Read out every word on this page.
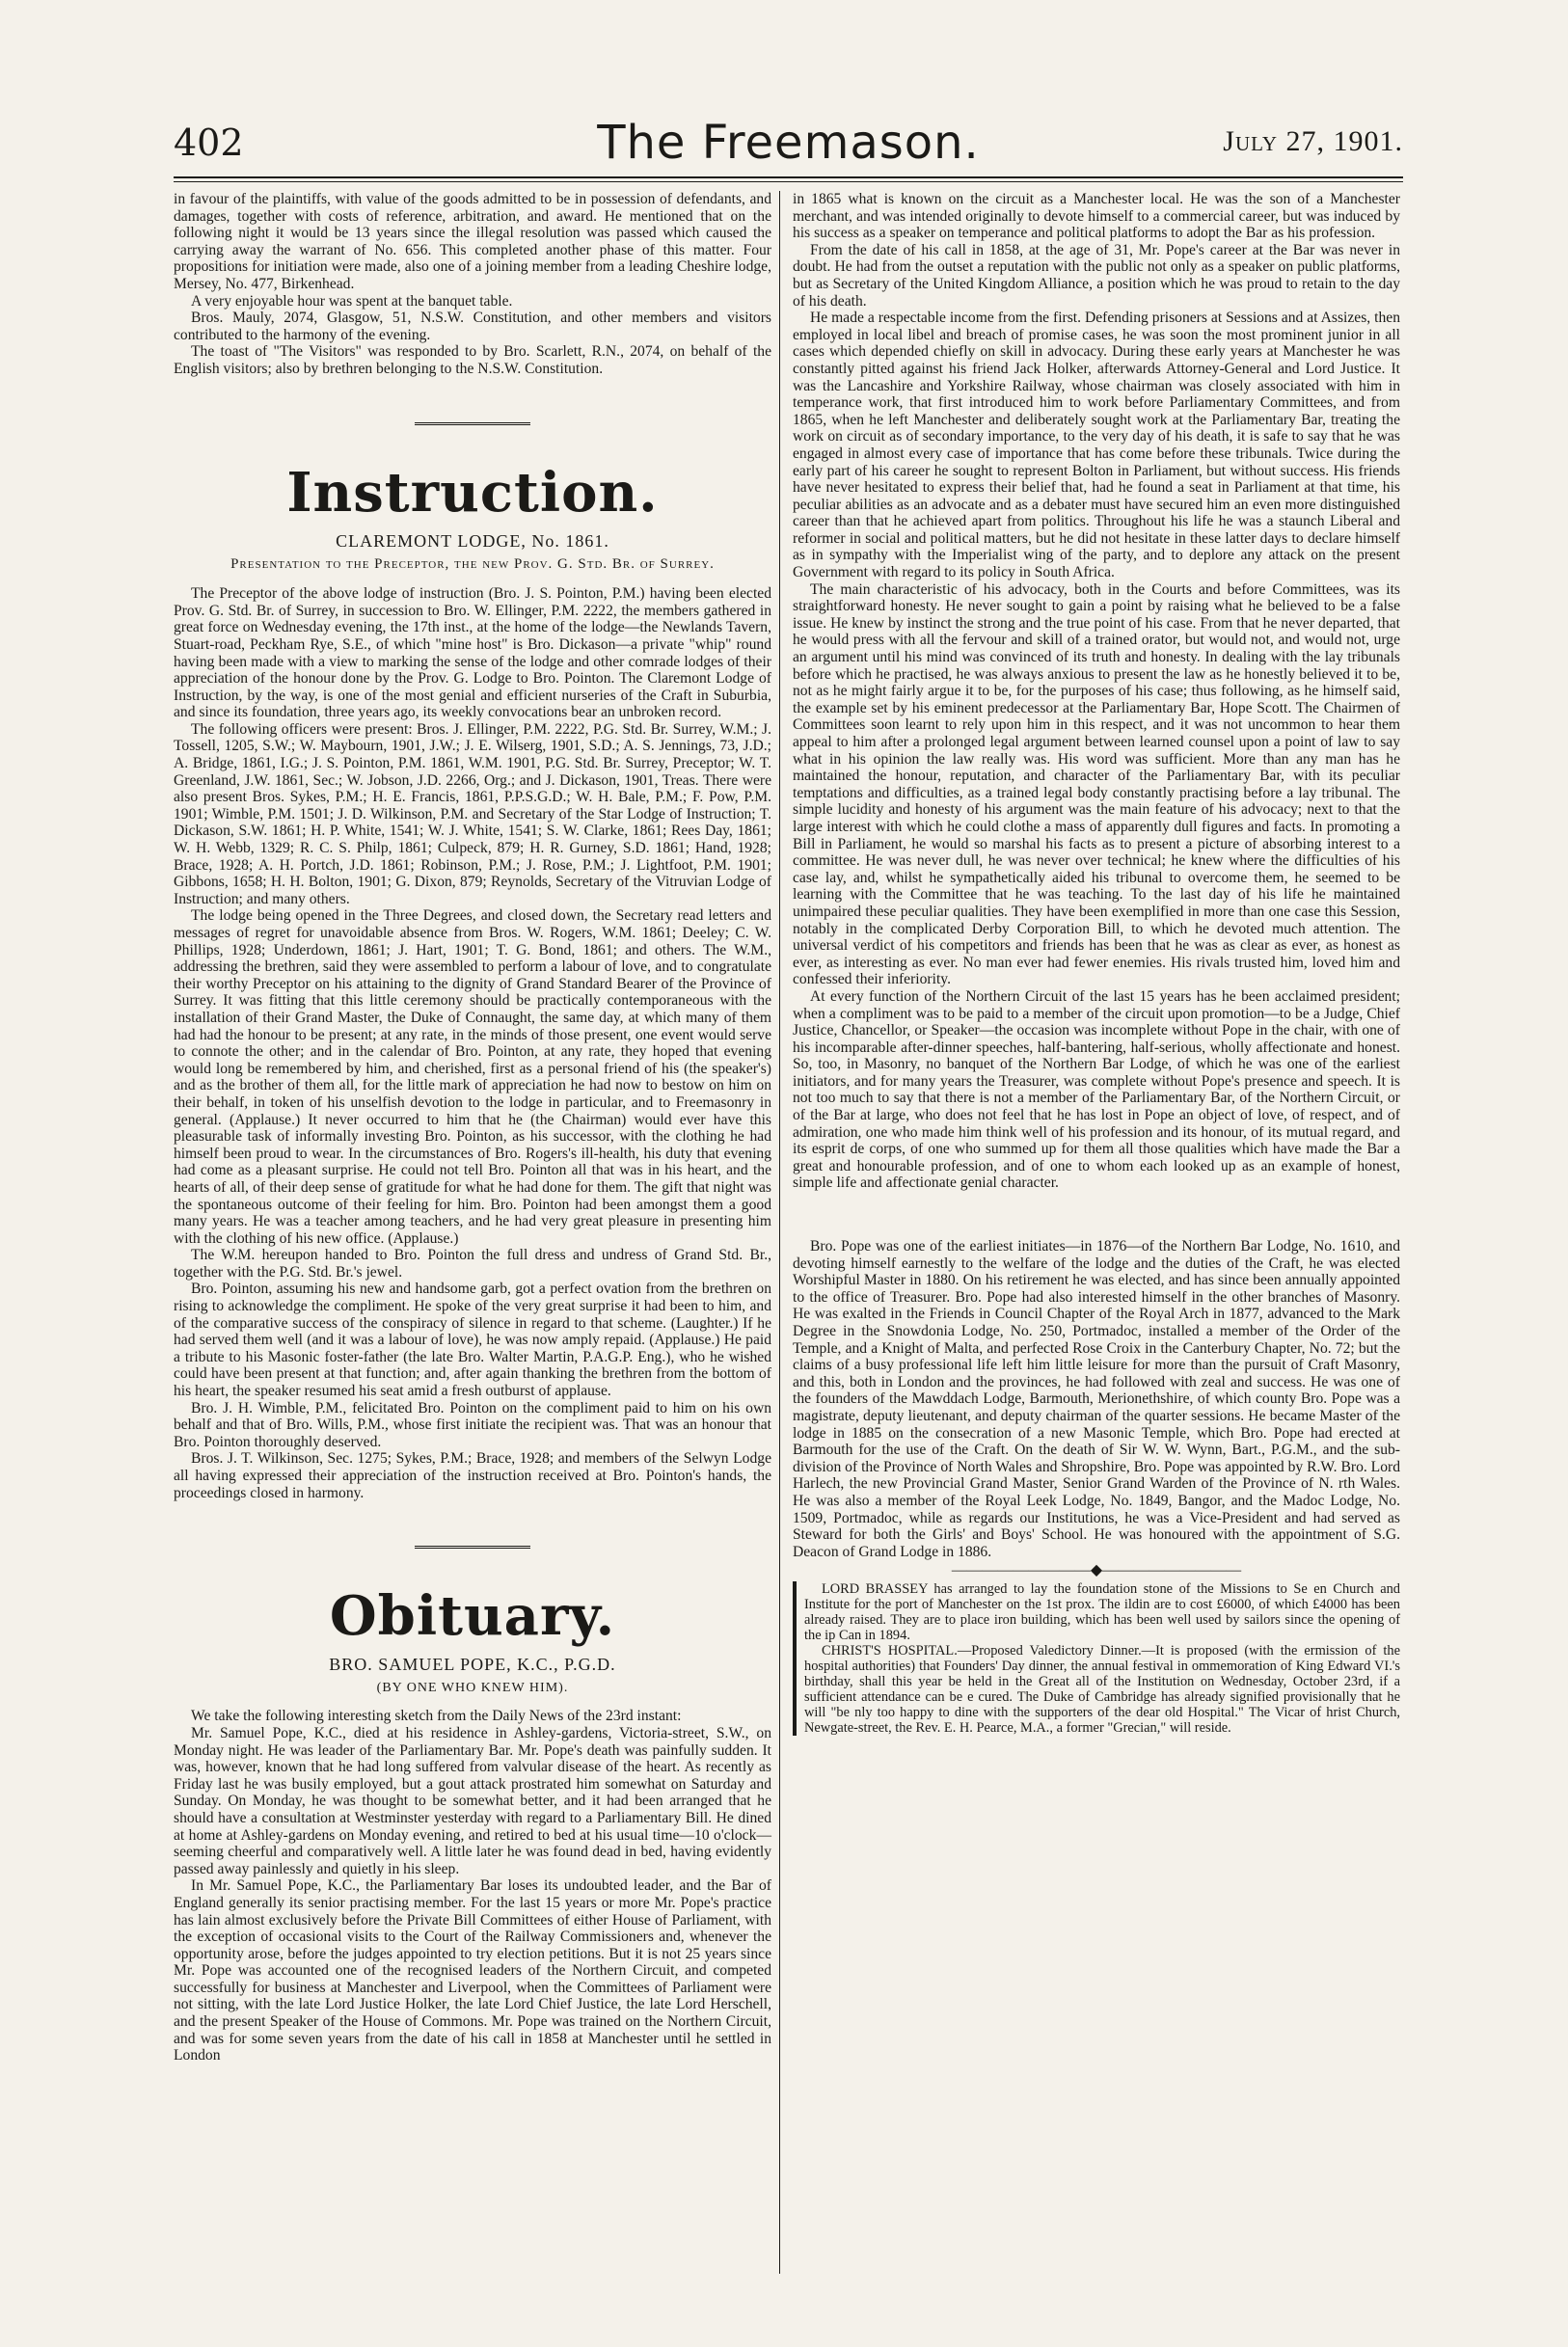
402	The Freemason.	July 27, 1901.

in favour of the plaintiffs, with value of the goods admitted to be in possession of defendants, and damages, together with costs of reference, arbitration, and award. He mentioned that on the following night it would be 13 years since the illegal resolution was passed which caused the carrying away the warrant of No. 656. This completed another phase of this matter. Four propositions for initiation were made, also one of a joining member from a leading Cheshire lodge, Mersey, No. 477, Birkenhead.

A very enjoyable hour was spent at the banquet table.

Bros. Mauly, 2074, Glasgow, 51, N.S.W. Constitution, and other members and visitors contributed to the harmony of the evening.

The toast of "The Visitors" was responded to by Bro. Scarlett, R.N., 2074, on behalf of the English visitors; also by brethren belonging to the N.S.W. Constitution.

Instruction.
CLAREMONT LODGE, No. 1861.
Presentation to the Preceptor, the new Prov. G. Std. Br. of Surrey.

The Preceptor of the above lodge of instruction (Bro. J. S. Pointon, P.M.) having been elected Prov. G. Std. Br. of Surrey, in succession to Bro. W. Ellinger, P.M. 2222, the members gathered in great force on Wednesday evening, the 17th inst., at the home of the lodge—the Newlands Tavern, Stuart-road, Peckham Rye, S.E., of which "mine host" is Bro. Dickason—a private "whip" round having been made with a view to marking the sense of the lodge and other comrade lodges of their appreciation of the honour done by the Prov. G. Lodge to Bro. Pointon. The Claremont Lodge of Instruction, by the way, is one of the most genial and efficient nurseries of the Craft in Suburbia, and since its foundation, three years ago, its weekly convocations bear an unbroken record.

The following officers were present: Bros. J. Ellinger, P.M. 2222, P.G. Std. Br. Surrey, W.M.; J. Tossell, 1205, S.W.; W. Maybourn, 1901, J.W.; J. E. Wilserg, 1901, S.D.; A. S. Jennings, 73, J.D.; A. Bridge, 1861, I.G.; J. S. Pointon, P.M. 1861, W.M. 1901, P.G. Std. Br. Surrey, Preceptor; W. T. Greenland, J.W. 1861, Sec.; W. Jobson, J.D. 2266, Org.; and J. Dickason, 1901, Treas. There were also present Bros. Sykes, P.M.; H. E. Francis, 1861, P.P.S.G.D.; W. H. Bale, P.M.; F. Pow, P.M. 1901; Wimble, P.M. 1501; J. D. Wilkinson, P.M. and Secretary of the Star Lodge of Instruction; T. Dickason, S.W. 1861; H. P. White, 1541; W. J. White, 1541; S. W. Clarke, 1861; Rees Day, 1861; W. H. Webb, 1329; R. C. S. Philp, 1861; Culpeck, 879; H. R. Gurney, S.D. 1861; Hand, 1928; Brace, 1928; A. H. Portch, J.D. 1861; Robinson, P.M.; J. Rose, P.M.; J. Lightfoot, P.M. 1901; Gibbons, 1658; H. H. Bolton, 1901; G. Dixon, 879; Reynolds, Secretary of the Vitruvian Lodge of Instruction; and many others.

The lodge being opened in the Three Degrees, and closed down, the Secretary read letters and messages of regret for unavoidable absence from Bros. W. Rogers, W.M. 1861; Deeley; C. W. Phillips, 1928; Underdown, 1861; J. Hart, 1901; T. G. Bond, 1861; and others. The W.M., addressing the brethren, said they were assembled to perform a labour of love, and to congratulate their worthy Preceptor on his attaining to the dignity of Grand Standard Bearer of the Province of Surrey. It was fitting that this little ceremony should be practically contemporaneous with the installation of their Grand Master, the Duke of Connaught, the same day, at which many of them had had the honour to be present; at any rate, in the minds of those present, one event would serve to connote the other; and in the calendar of Bro. Pointon, at any rate, they hoped that evening would long be remembered by him, and cherished, first as a personal friend of his (the speaker's) and as the brother of them all, for the little mark of appreciation he had now to bestow on him on their behalf, in token of his unselfish devotion to the lodge in particular, and to Freemasonry in general. (Applause.) It never occurred to him that he (the Chairman) would ever have this pleasurable task of informally investing Bro. Pointon, as his successor, with the clothing he had himself been proud to wear. In the circumstances of Bro. Rogers's ill-health, his duty that evening had come as a pleasant surprise. He could not tell Bro. Pointon all that was in his heart, and the hearts of all, of their deep sense of gratitude for what he had done for them. The gift that night was the spontaneous outcome of their feeling for him. Bro. Pointon had been amongst them a good many years. He was a teacher among teachers, and he had very great pleasure in presenting him with the clothing of his new office. (Applause.)

The W.M. hereupon handed to Bro. Pointon the full dress and undress of Grand Std. Br., together with the P.G. Std. Br.'s jewel.

Bro. Pointon, assuming his new and handsome garb, got a perfect ovation from the brethren on rising to acknowledge the compliment. He spoke of the very great surprise it had been to him, and of the comparative success of the conspiracy of silence in regard to that scheme. (Laughter.) If he had served them well (and it was a labour of love), he was now amply repaid. (Applause.) He paid a tribute to his Masonic foster-father (the late Bro. Walter Martin, P.A.G.P. Eng.), who he wished could have been present at that function; and, after again thanking the brethren from the bottom of his heart, the speaker resumed his seat amid a fresh outburst of applause.

Bro. J. H. Wimble, P.M., felicitated Bro. Pointon on the compliment paid to him on his own behalf and that of Bro. Wills, P.M., whose first initiate the recipient was. That was an honour that Bro. Pointon thoroughly deserved.

Bros. J. T. Wilkinson, Sec. 1275; Sykes, P.M.; Brace, 1928; and members of the Selwyn Lodge all having expressed their appreciation of the instruction received at Bro. Pointon's hands, the proceedings closed in harmony.

Obituary.
BRO. SAMUEL POPE, K.C., P.G.D.
(BY ONE WHO KNEW HIM).

We take the following interesting sketch from the Daily News of the 23rd instant:

Mr. Samuel Pope, K.C., died at his residence in Ashley-gardens, Victoria-street, S.W., on Monday night. He was leader of the Parliamentary Bar. Mr. Pope's death was painfully sudden. It was, however, known that he had long suffered from valvular disease of the heart. As recently as Friday last he was busily employed, but a gout attack prostrated him somewhat on Saturday and Sunday. On Monday, he was thought to be somewhat better, and it had been arranged that he should have a consultation at Westminster yesterday with regard to a Parliamentary Bill. He dined at home at Ashley-gardens on Monday evening, and retired to bed at his usual time—10 o'clock—seeming cheerful and comparatively well. A little later he was found dead in bed, having evidently passed away painlessly and quietly in his sleep.

In Mr. Samuel Pope, K.C., the Parliamentary Bar loses its undoubted leader, and the Bar of England generally its senior practising member. For the last 15 years or more Mr. Pope's practice has lain almost exclusively before the Private Bill Committees of either House of Parliament, with the exception of occasional visits to the Court of the Railway Commissioners and, whenever the opportunity arose, before the judges appointed to try election petitions. But it is not 25 years since Mr. Pope was accounted one of the recognised leaders of the Northern Circuit, and competed successfully for business at Manchester and Liverpool, when the Committees of Parliament were not sitting, with the late Lord Justice Holker, the late Lord Chief Justice, the late Lord Herschell, and the present Speaker of the House of Commons. Mr. Pope was trained on the Northern Circuit, and was for some seven years from the date of his call in 1858 at Manchester until he settled in London

in 1865 what is known on the circuit as a Manchester local. He was the son of a Manchester merchant, and was intended originally to devote himself to a commercial career, but was induced by his success as a speaker on temperance and political platforms to adopt the Bar as his profession.

From the date of his call in 1858, at the age of 31, Mr. Pope's career at the Bar was never in doubt. He had from the outset a reputation with the public not only as a speaker on public platforms, but as Secretary of the United Kingdom Alliance, a position which he was proud to retain to the day of his death.

He made a respectable income from the first. Defending prisoners at Sessions and at Assizes, then employed in local libel and breach of promise cases, he was soon the most prominent junior in all cases which depended chiefly on skill in advocacy. During these early years at Manchester he was constantly pitted against his friend Jack Holker, afterwards Attorney-General and Lord Justice. It was the Lancashire and Yorkshire Railway, whose chairman was closely associated with him in temperance work, that first introduced him to work before Parliamentary Committees, and from 1865, when he left Manchester and deliberately sought work at the Parliamentary Bar, treating the work on circuit as of secondary importance, to the very day of his death, it is safe to say that he was engaged in almost every case of importance that has come before these tribunals. Twice during the early part of his career he sought to represent Bolton in Parliament, but without success. His friends have never hesitated to express their belief that, had he found a seat in Parliament at that time, his peculiar abilities as an advocate and as a debater must have secured him an even more distinguished career than that he achieved apart from politics. Throughout his life he was a staunch Liberal and reformer in social and political matters, but he did not hesitate in these latter days to declare himself as in sympathy with the Imperialist wing of the party, and to deplore any attack on the present Government with regard to its policy in South Africa.

The main characteristic of his advocacy, both in the Courts and before Committees, was its straightforward honesty. He never sought to gain a point by raising what he believed to be a false issue. He knew by instinct the strong and the true point of his case. From that he never departed, that he would press with all the fervour and skill of a trained orator, but would not, and would not, urge an argument until his mind was convinced of its truth and honesty. In dealing with the lay tribunals before which he practised, he was always anxious to present the law as he honestly believed it to be, not as he might fairly argue it to be, for the purposes of his case; thus following, as he himself said, the example set by his eminent predecessor at the Parliamentary Bar, Hope Scott. The Chairmen of Committees soon learnt to rely upon him in this respect, and it was not uncommon to hear them appeal to him after a prolonged legal argument between learned counsel upon a point of law to say what in his opinion the law really was. His word was sufficient. More than any man has he maintained the honour, reputation, and character of the Parliamentary Bar, with its peculiar temptations and difficulties, as a trained legal body constantly practising before a lay tribunal. The simple lucidity and honesty of his argument was the main feature of his advocacy; next to that the large interest with which he could clothe a mass of apparently dull figures and facts. In promoting a Bill in Parliament, he would so marshal his facts as to present a picture of absorbing interest to a committee. He was never dull, he was never over technical; he knew where the difficulties of his case lay, and, whilst he sympathetically aided his tribunal to overcome them, he seemed to be learning with the Committee that he was teaching. To the last day of his life he maintained unimpaired these peculiar qualities. They have been exemplified in more than one case this Session, notably in the complicated Derby Corporation Bill, to which he devoted much attention. The universal verdict of his competitors and friends has been that he was as clear as ever, as honest as ever, as interesting as ever. No man ever had fewer enemies. His rivals trusted him, loved him and confessed their inferiority.

At every function of the Northern Circuit of the last 15 years has he been acclaimed president; when a compliment was to be paid to a member of the circuit upon promotion—to be a Judge, Chief Justice, Chancellor, or Speaker—the occasion was incomplete without Pope in the chair, with one of his incomparable after-dinner speeches, half-bantering, half-serious, wholly affectionate and honest. So, too, in Masonry, no banquet of the Northern Bar Lodge, of which he was one of the earliest initiators, and for many years the Treasurer, was complete without Pope's presence and speech. It is not too much to say that there is not a member of the Parliamentary Bar, of the Northern Circuit, or of the Bar at large, who does not feel that he has lost in Pope an object of love, of respect, and of admiration, one who made him think well of his profession and its honour, of its mutual regard, and its esprit de corps, of one who summed up for them all those qualities which have made the Bar a great and honourable profession, and of one to whom each looked up as an example of honest, simple life and affectionate genial character.

Bro. Pope was one of the earliest initiates—in 1876—of the Northern Bar Lodge, No. 1610, and devoting himself earnestly to the welfare of the lodge and the duties of the Craft, he was elected Worshipful Master in 1880. On his retirement he was elected, and has since been annually appointed to the office of Treasurer. Bro. Pope had also interested himself in the other branches of Masonry. He was exalted in the Friends in Council Chapter of the Royal Arch in 1877, advanced to the Mark Degree in the Snowdonia Lodge, No. 250, Portmadoc, installed a member of the Order of the Temple, and a Knight of Malta, and perfected Rose Croix in the Canterbury Chapter, No. 72; but the claims of a busy professional life left him little leisure for more than the pursuit of Craft Masonry, and this, both in London and the provinces, he had followed with zeal and success. He was one of the founders of the Mawddach Lodge, Barmouth, Merionethshire, of which county Bro. Pope was a magistrate, deputy lieutenant, and deputy chairman of the quarter sessions. He became Master of the lodge in 1885 on the consecration of a new Masonic Temple, which Bro. Pope had erected at Barmouth for the use of the Craft. On the death of Sir W. W. Wynn, Bart., P.G.M., and the sub-division of the Province of North Wales and Shropshire, Bro. Pope was appointed by R.W. Bro. Lord Harlech, the new Provincial Grand Master, Senior Grand Warden of the Province of N. rth Wales. He was also a member of the Royal Leek Lodge, No. 1849, Bangor, and the Madoc Lodge, No. 1509, Portmadoc, while as regards our Institutions, he was a Vice-President and had served as Steward for both the Girls' and Boys' School. He was honoured with the appointment of S.G. Deacon of Grand Lodge in 1886.

—————————◆—————————

LORD BRASSEY has arranged to lay the foundation stone of the Missions to Se en Church and Institute for the port of Manchester on the 1st prox. The ildin are to cost £6000, of which £4000 has been already raised. They are to place iron building, which has been well used by sailors since the opening of the ip Can in 1894.

CHRIST'S HOSPITAL.—Proposed Valedictory Dinner.—It is proposed (with the ermission of the hospital authorities) that Founders' Day dinner, the annual festival in ommemoration of King Edward VI.'s birthday, shall this year be held in the Great all of the Institution on Wednesday, October 23rd, if a sufficient attendance can be e cured. The Duke of Cambridge has already signified provisionally that he will "be nly too happy to dine with the supporters of the dear old Hospital." The Vicar of hrist Church, Newgate-street, the Rev. E. H. Pearce, M.A., a former "Grecian," will reside.
